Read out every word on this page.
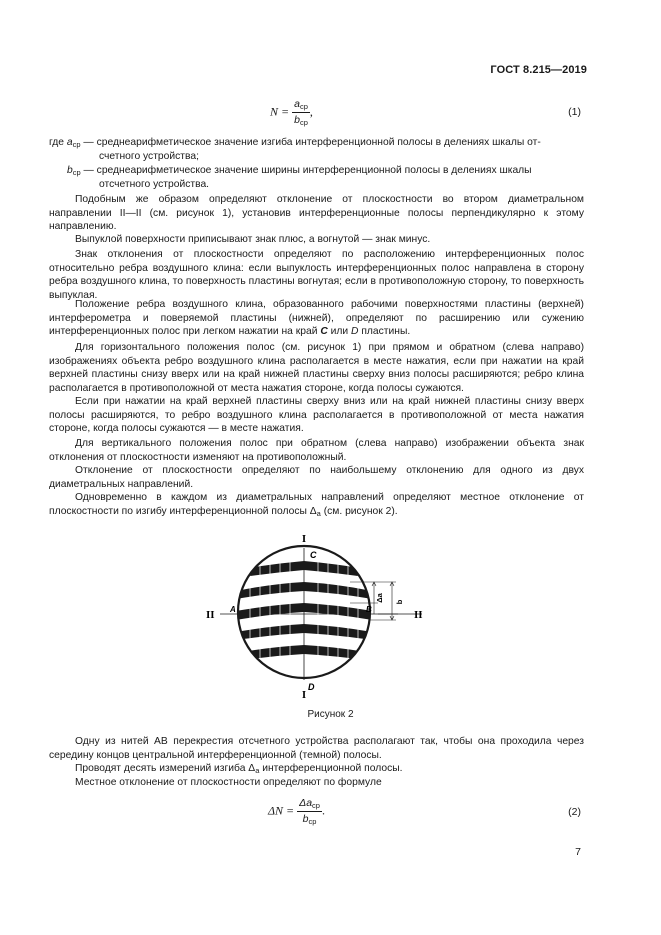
ГОСТ 8.215—2019
$N = \frac{a_{ср}}{b_{ср}}$ ,	(1)
где $a_{ср}$ — среднеарифметическое значение изгиба интерференционной полосы в делениях шкалы от-
счетного устройства;
$b_{ср}$ — среднеарифметическое значение ширины интерференционной полосы в делениях шкалы
отсчетного устройства.
Подобным же образом определяют отклонение от плоскостности во втором диаметральном направлении II—II (см. рисунок 1), установив интерференционные полосы перпендикулярно к этому направлению.
Выпуклой поверхности приписывают знак плюс, а вогнутой — знак минус.
Знак отклонения от плоскостности определяют по расположению интерференционных полос относительно ребра воздушного клина: если выпуклость интерференционных полос направлена в сторону ребра воздушного клина, то поверхность пластины вогнутая; если в противоположную сторону, то поверхность выпуклая.
Положение ребра воздушного клина, образованного рабочими поверхностями пластины (верхней) интерферометра и поверяемой пластины (нижней), определяют по расширению или сужению интерференционных полос при легком нажатии на край С или D пластины.
Для горизонтального положения полос (см. рисунок 1) при прямом и обратном (слева направо) изображениях объекта ребро воздушного клина располагается в месте нажатия, если при нажатии на край верхней пластины снизу вверх или на край нижней пластины сверху вниз полосы расширяются; ребро клина располагается в противоположной от места нажатия стороне, когда полосы сужаются.
Если при нажатии на край верхней пластины сверху вниз или на край нижней пластины снизу вверх полосы расширяются, то ребро воздушного клина располагается в противоположной от места нажатия стороне, когда полосы сужаются — в месте нажатия.
Для вертикального положения полос при обратном (слева направо) изображении объекта знак отклонения от плоскостности изменяют на противоположный.
Отклонение от плоскостности определяют по наибольшему отклонению для одного из двух диаметральных направлений.
Одновременно в каждом из диаметральных направлений определяют местное отклонение от плоскостности по изгибу интерференционной полосы $\Delta_а$ (см. рисунок 2).
I
C
I
D
II	II
A	B
Δa b
Рисунок 2
Одну из нитей АВ перекрестия отсчетного устройства располагают так, чтобы она проходила через середину концов центральной интерференционной (темной) полосы.
Проводят десять измерений изгиба $\Delta_а$ интерференционной полосы.
Местное отклонение от плоскостности определяют по формуле
$\Delta N = \frac{\Delta a_{ср}}{b_{ср}}$ .	(2)
7
